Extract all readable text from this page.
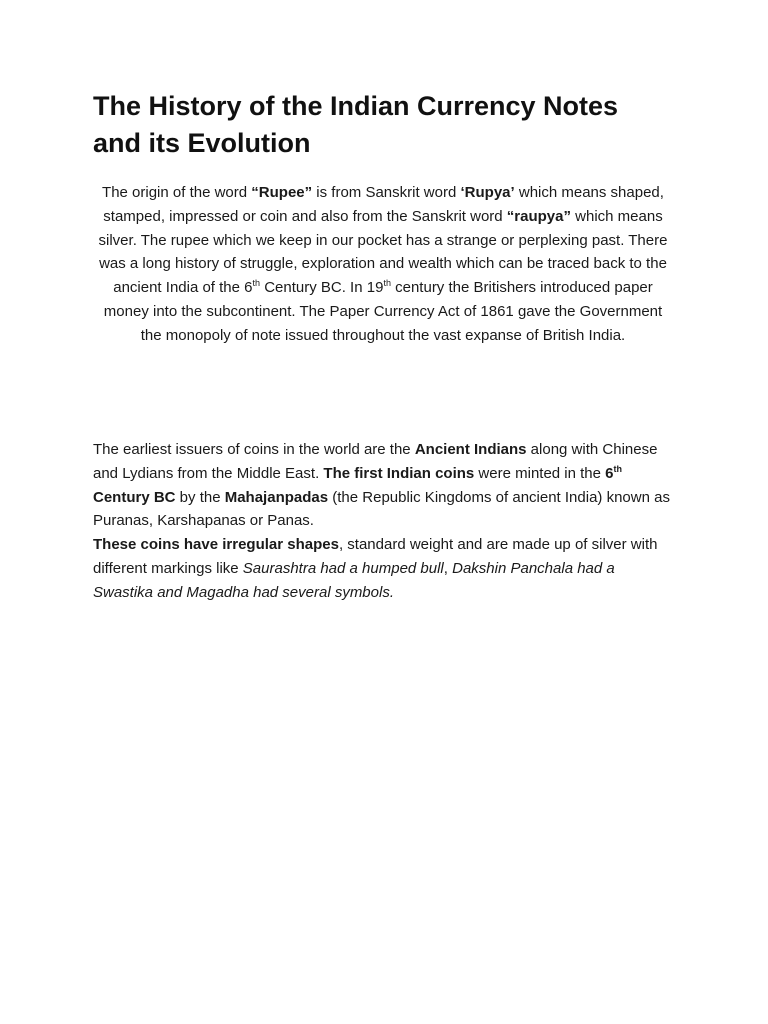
The History of the Indian Currency Notes
and its Evolution

The origin of the word “Rupee” is from Sanskrit word ‘Rupya’ which means shaped, stamped, impressed or coin and also from the Sanskrit word “raupya” which means silver. The rupee which we keep in our pocket has a strange or perplexing past. There was a long history of struggle, exploration and wealth which can be traced back to the ancient India of the 6th Century BC. In 19th century the Britishers introduced paper money into the subcontinent. The Paper Currency Act of 1861 gave the Government the monopoly of note issued throughout the vast expanse of British India.

The earliest issuers of coins in the world are the Ancient Indians along with Chinese and Lydians from the Middle East. The first Indian coins were minted in the 6th Century BC by the Mahajanpadas (the Republic Kingdoms of ancient India) known as Puranas, Karshapanas or Panas.

These coins have irregular shapes, standard weight and are made up of silver with different markings like Saurashtra had a humped bull, Dakshin Panchala had a Swastika and Magadha had several symbols.
